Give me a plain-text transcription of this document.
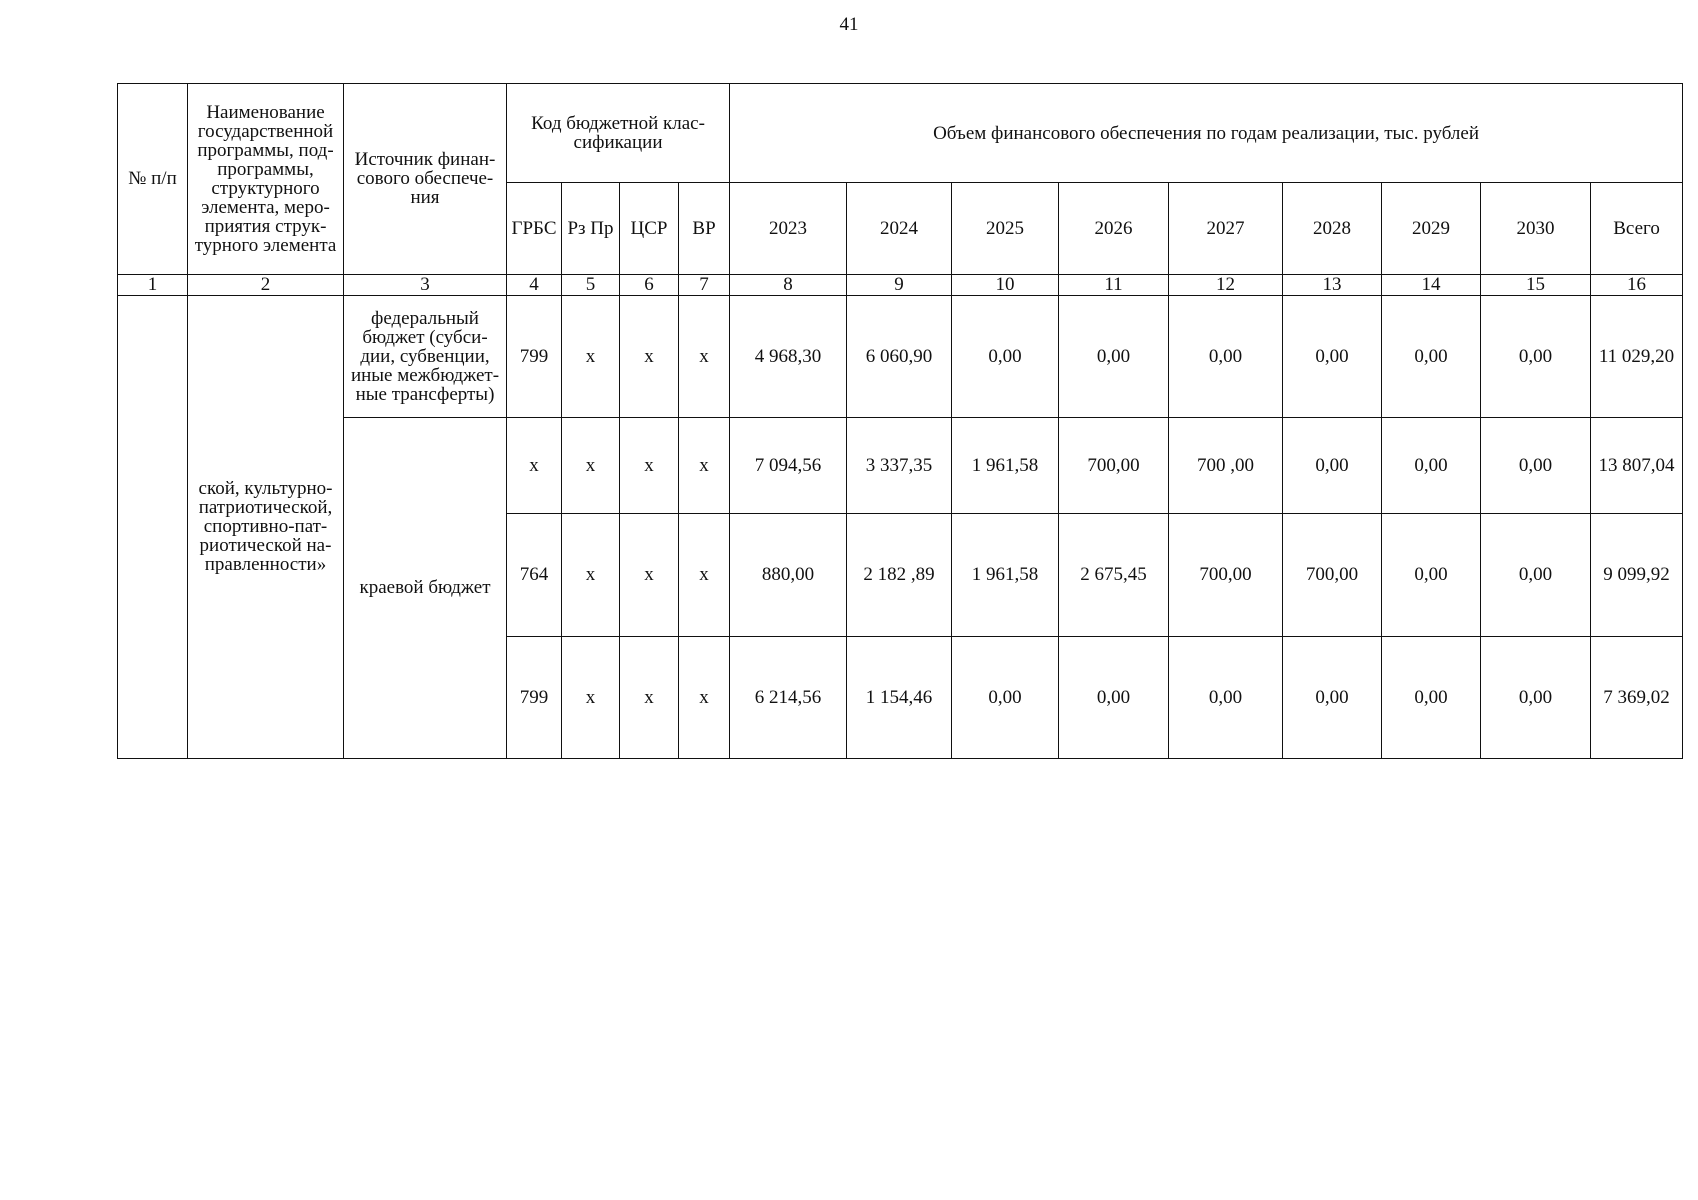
41
№ п/п	Наименование государственной программы, под-программы, структурного элемента, меро-приятия струк-турного элемента	Источник финан-сового обеспече-ния	Код бюджетной клас-сификации				Объем финансового обеспечения по годам реализации, тыс. рублей								
			ГРБС	Рз Пр	ЦСР	ВР	2023	2024	2025	2026	2027	2028	2029	2030	Всего
1	2	3	4	5	6	7	8	9	10	11	12	13	14	15	16
	ской, культурно-патриотической, спортивно-пат-риотической на-правленности»	федеральный бюджет (субси-дии, субвенции, иные межбюджет-ные трансферты)	799	х	х	х	4 968,30	6 060,90	0,00	0,00	0,00	0,00	0,00	0,00	11 029,20
		краевой бюджет	х	х	х	х	7 094,56	3 337,35	1 961,58	700,00	700 ,00	0,00	0,00	0,00	13 807,04
			764	х	х	х	880,00	2 182 ,89	1 961,58	2 675,45	700,00	700,00	0,00	0,00	9 099,92
			799	х	х	х	6 214,56	1 154,46	0,00	0,00	0,00	0,00	0,00	0,00	7 369,02
